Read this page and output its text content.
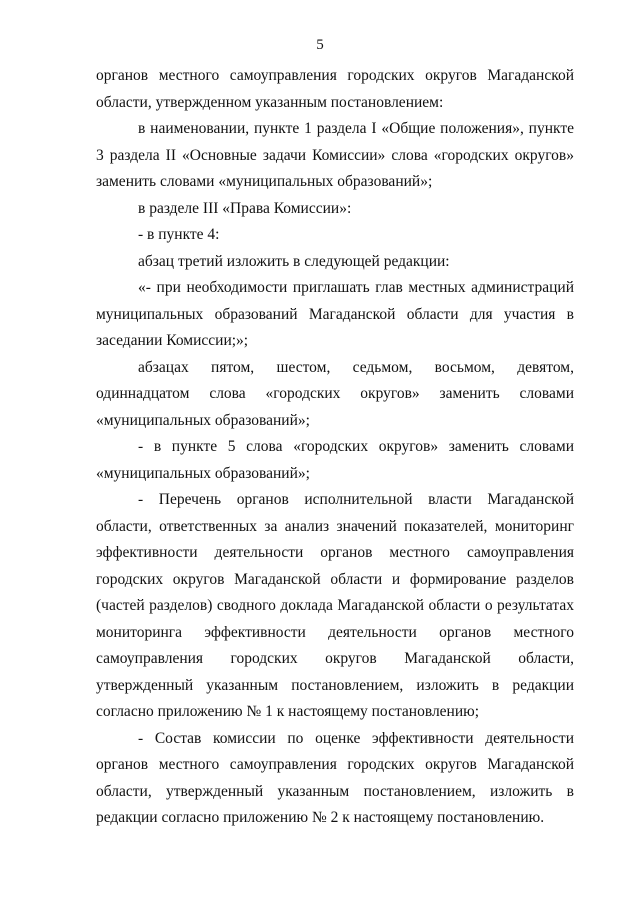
5

органов местного самоуправления городских округов Магаданской области, утвержденном указанным постановлением:

в наименовании, пункте 1 раздела I «Общие положения», пункте 3 раздела II «Основные задачи Комиссии» слова «городских округов» заменить словами «муниципальных образований»;

в разделе III «Права Комиссии»:

- в пункте 4:

абзац третий изложить в следующей редакции:

«- при необходимости приглашать глав местных администраций муниципальных образований Магаданской области для участия в заседании Комиссии;»;

абзацах пятом, шестом, седьмом, восьмом, девятом, одиннадцатом слова «городских округов» заменить словами «муниципальных образований»;

- в пункте 5 слова «городских округов» заменить словами «муниципальных образований»;

- Перечень органов исполнительной власти Магаданской области, ответственных за анализ значений показателей, мониторинг эффективности деятельности органов местного самоуправления городских округов Магаданской области и формирование разделов (частей разделов) сводного доклада Магаданской области о результатах мониторинга эффективности деятельности органов местного самоуправления городских округов Магаданской области, утвержденный указанным постановлением, изложить в редакции согласно приложению № 1 к настоящему постановлению;

- Состав комиссии по оценке эффективности деятельности органов местного самоуправления городских округов Магаданской области, утвержденный указанным постановлением, изложить в редакции согласно приложению № 2 к настоящему постановлению.
